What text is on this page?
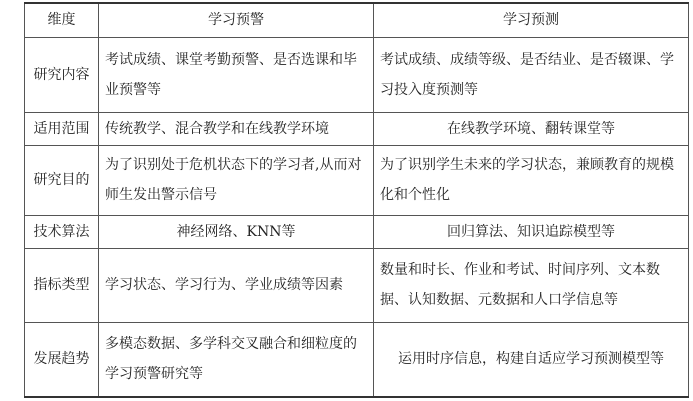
维度	学习预警	学习预测
研究内容	考试成绩、课堂考勤预警、是否选课和毕业预警等	考试成绩、成绩等级、是否结业、是否辍课、学习投入度预测等
适用范围	传统教学、混合教学和在线教学环境	在线教学环境、翻转课堂等
研究目的	为了识别处于危机状态下的学习者,从而对师生发出警示信号	为了识别学生未来的学习状态，兼顾教育的规模化和个性化
技术算法	神经网络、KNN等	回归算法、知识追踪模型等
指标类型	学习状态、学习行为、学业成绩等因素	数量和时长、作业和考试、时间序列、文本数据、认知数据、元数据和人口学信息等
发展趋势	多模态数据、多学科交叉融合和细粒度的学习预警研究等	运用时序信息，构建自适应学习预测模型等
